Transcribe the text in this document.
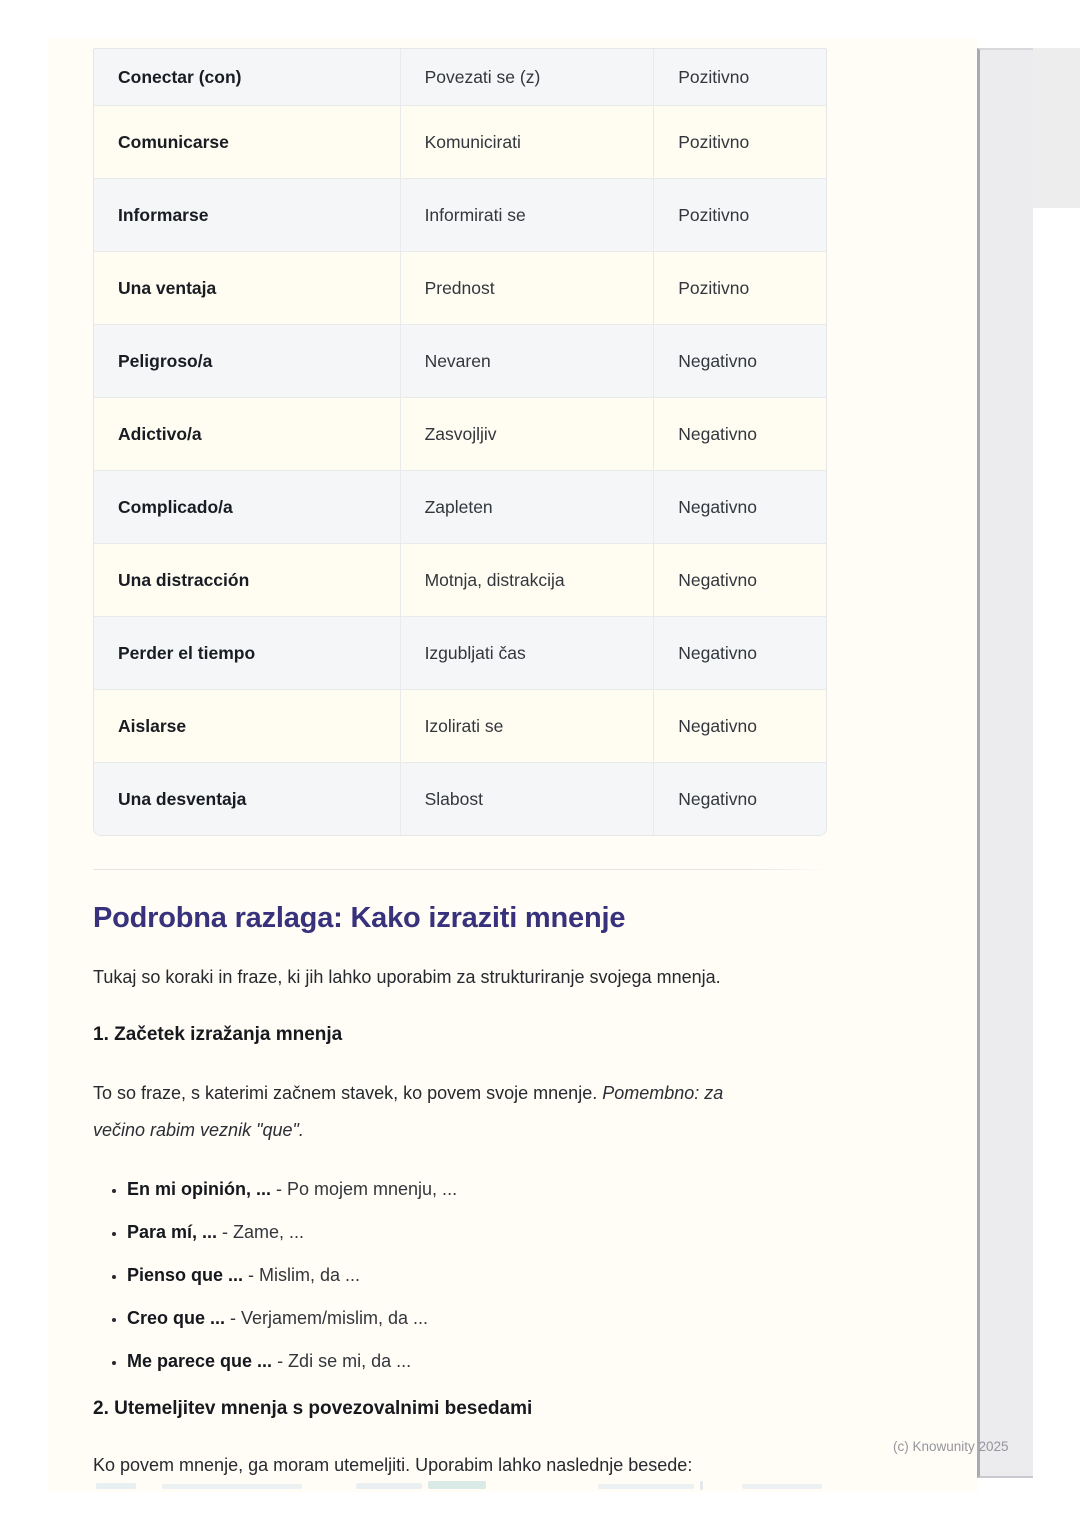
Conectar (con)	Povezati se (z)	Pozitivno
Comunicarse	Komunicirati	Pozitivno
Informarse	Informirati se	Pozitivno
Una ventaja	Prednost	Pozitivno
Peligroso/a	Nevaren	Negativno
Adictivo/a	Zasvojljiv	Negativno
Complicado/a	Zapleten	Negativno
Una distracción	Motnja, distrakcija	Negativno
Perder el tiempo	Izgubljati čas	Negativno
Aislarse	Izolirati se	Negativno
Una desventaja	Slabost	Negativno
Podrobna razlaga: Kako izraziti mnenje

Tukaj so koraki in fraze, ki jih lahko uporabim za strukturiranje svojega mnenja.

1. Začetek izražanja mnenja

To so fraze, s katerimi začnem stavek, ko povem svoje mnenje. Pomembno: za
večino rabim veznik "que".

• En mi opinión, ... - Po mojem mnenju, ...
• Para mí, ... - Zame, ...
• Pienso que ... - Mislim, da ...
• Creo que ... - Verjamem/mislim, da ...
• Me parece que ... - Zdi se mi, da ...
2. Utemeljitev mnenja s povezovalnimi besedami

Ko povem mnenje, ga moram utemeljiti. Uporabim lahko naslednje besede:

(c) Knowunity 2025
